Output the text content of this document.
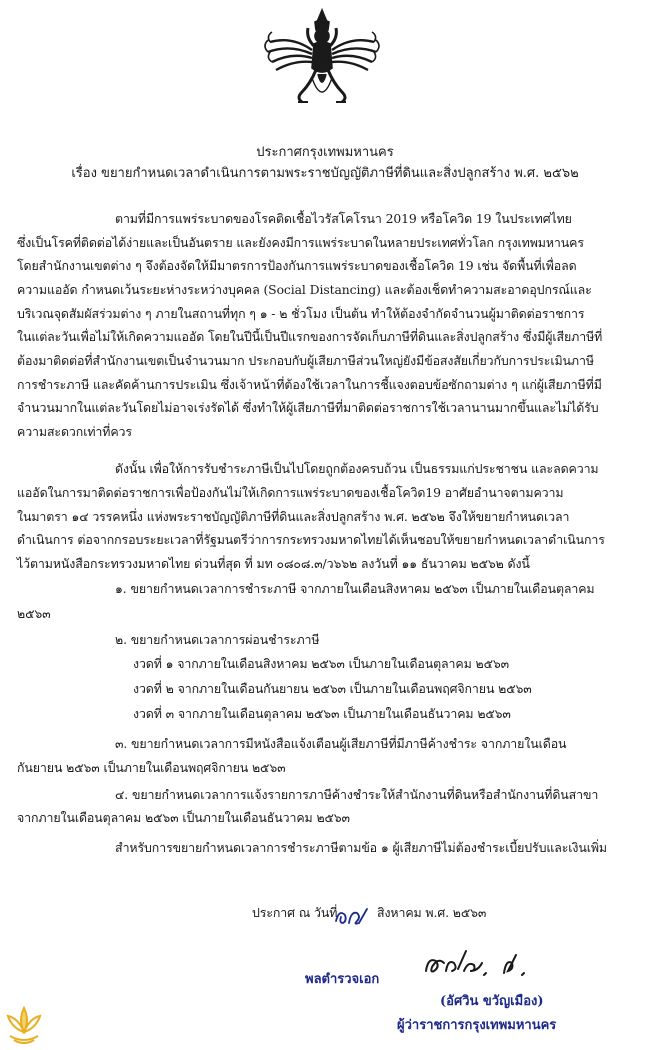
ประกาศกรุงเทพมหานคร
เรื่อง ขยายกำหนดเวลาดำเนินการตามพระราชบัญญัติภาษีที่ดินและสิ่งปลูกสร้าง พ.ศ. ๒๕๖๒
ตามที่มีการแพร่ระบาดของโรคติดเชื้อไวรัสโคโรนา 2019 หรือโควิด 19 ในประเทศไทย
ซึ่งเป็นโรคที่ติดต่อได้ง่ายและเป็นอันตราย และยังคงมีการแพร่ระบาดในหลายประเทศทั่วโลก กรุงเทพมหานคร
โดยสำนักงานเขตต่าง ๆ จึงต้องจัดให้มีมาตรการป้องกันการแพร่ระบาดของเชื้อโควิด 19 เช่น จัดพื้นที่เพื่อลด
ความแออัด กำหนดเว้นระยะห่างระหว่างบุคคล (Social Distancing) และต้องเช็ดทำความสะอาดอุปกรณ์และ
บริเวณจุดสัมผัสร่วมต่าง ๆ ภายในสถานที่ทุก ๆ ๑ - ๒ ชั่วโมง เป็นต้น ทำให้ต้องจำกัดจำนวนผู้มาติดต่อราชการ
ในแต่ละวันเพื่อไม่ให้เกิดความแออัด โดยในปีนี้เป็นปีแรกของการจัดเก็บภาษีที่ดินและสิ่งปลูกสร้าง ซึ่งมีผู้เสียภาษีที่
ต้องมาติดต่อที่สำนักงานเขตเป็นจำนวนมาก ประกอบกับผู้เสียภาษีส่วนใหญ่ยังมีข้อสงสัยเกี่ยวกับการประเมินภาษี
การชำระภาษี และคัดค้านการประเมิน ซึ่งเจ้าหน้าที่ต้องใช้เวลาในการชี้แจงตอบข้อซักถามต่าง ๆ แก่ผู้เสียภาษีที่มี
จำนวนมากในแต่ละวันโดยไม่อาจเร่งรัดได้ ซึ่งทำให้ผู้เสียภาษีที่มาติดต่อราชการใช้เวลานานมากขึ้นและไม่ได้รับ
ความสะดวกเท่าที่ควร
ดังนั้น เพื่อให้การรับชำระภาษีเป็นไปโดยถูกต้องครบถ้วน เป็นธรรมแก่ประชาชน และลดความ
แออัดในการมาติดต่อราชการเพื่อป้องกันไม่ให้เกิดการแพร่ระบาดของเชื้อโควิด19 อาศัยอำนาจตามความ
ในมาตรา ๑๔ วรรคหนึ่ง แห่งพระราชบัญญัติภาษีที่ดินและสิ่งปลูกสร้าง พ.ศ. ๒๕๖๒ จึงให้ขยายกำหนดเวลา
ดำเนินการ ต่อจากกรอบระยะเวลาที่รัฐมนตรีว่าการกระทรวงมหาดไทยได้เห็นชอบให้ขยายกำหนดเวลาดำเนินการ
ไว้ตามหนังสือกระทรวงมหาดไทย ด่วนที่สุด ที่ มท ๐๘๐๘.๓/ว๖๖๒ ลงวันที่ ๑๑ ธันวาคม ๒๕๖๒ ดังนี้
๑. ขยายกำหนดเวลาการชำระภาษี จากภายในเดือนสิงหาคม ๒๕๖๓ เป็นภายในเดือนตุลาคม
๒๕๖๓
๒. ขยายกำหนดเวลาการผ่อนชำระภาษี
งวดที่ ๑ จากภายในเดือนสิงหาคม ๒๕๖๓ เป็นภายในเดือนตุลาคม ๒๕๖๓
งวดที่ ๒ จากภายในเดือนกันยายน ๒๕๖๓ เป็นภายในเดือนพฤศจิกายน ๒๕๖๓
งวดที่ ๓ จากภายในเดือนตุลาคม ๒๕๖๓ เป็นภายในเดือนธันวาคม ๒๕๖๓
๓. ขยายกำหนดเวลาการมีหนังสือแจ้งเตือนผู้เสียภาษีที่มีภาษีค้างชำระ จากภายในเดือน
กันยายน ๒๕๖๓ เป็นภายในเดือนพฤศจิกายน ๒๕๖๓
๔. ขยายกำหนดเวลาการแจ้งรายการภาษีค้างชำระให้สำนักงานที่ดินหรือสำนักงานที่ดินสาขา
จากภายในเดือนตุลาคม ๒๕๖๓ เป็นภายในเดือนธันวาคม ๒๕๖๓
สำหรับการขยายกำหนดเวลาการชำระภาษีตามข้อ ๑ ผู้เสียภาษีไม่ต้องชำระเบี้ยปรับและเงินเพิ่ม
ประกาศ ณ วันที่	สิงหาคม พ.ศ. ๒๕๖๓
พลตำรวจเอก
(อัศวิน ขวัญเมือง)
ผู้ว่าราชการกรุงเทพมหานคร
